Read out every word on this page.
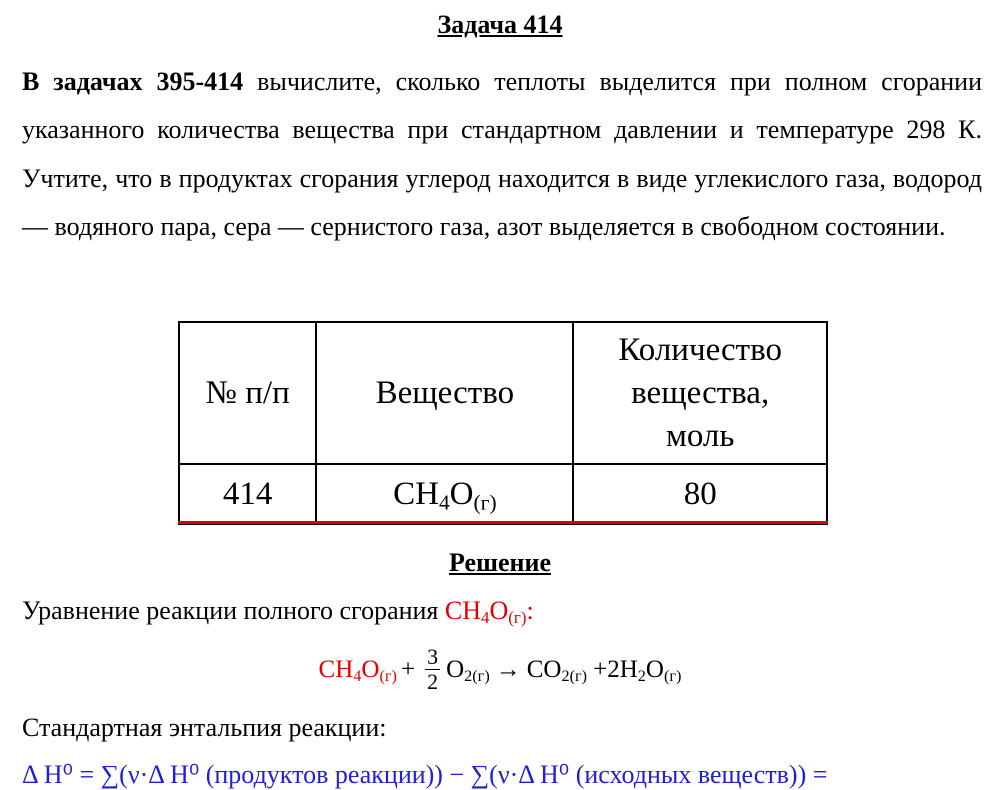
Задача 414
В задачах 395-414 вычислите, сколько теплоты выделится при полном сгорании указанного количества вещества при стандартном давлении и температуре 298 К. Учтите, что в продуктах сгорания углерод находится в виде углекислого газа, водород — водяного пара, сера — сернистого газа, азот выделяется в свободном состоянии.
№ п/п	Вещество	Количество вещества, моль
414	$CH_4O_{(г)}$	80
Решение
Уравнение реакции полного сгорания $CH_4O_{(г)}$:
$CH_4O_{(г)} + \frac{3}{2} O_{2(г)} \to CO_{2(г)} +2$ $H_2O_{(г)}$
Стандартная энтальпия реакции:
Δ H⁰ = ∑(ν·Δ H⁰ (продуктов реакции)) − ∑(ν·Δ H⁰ (исходных веществ)) =
